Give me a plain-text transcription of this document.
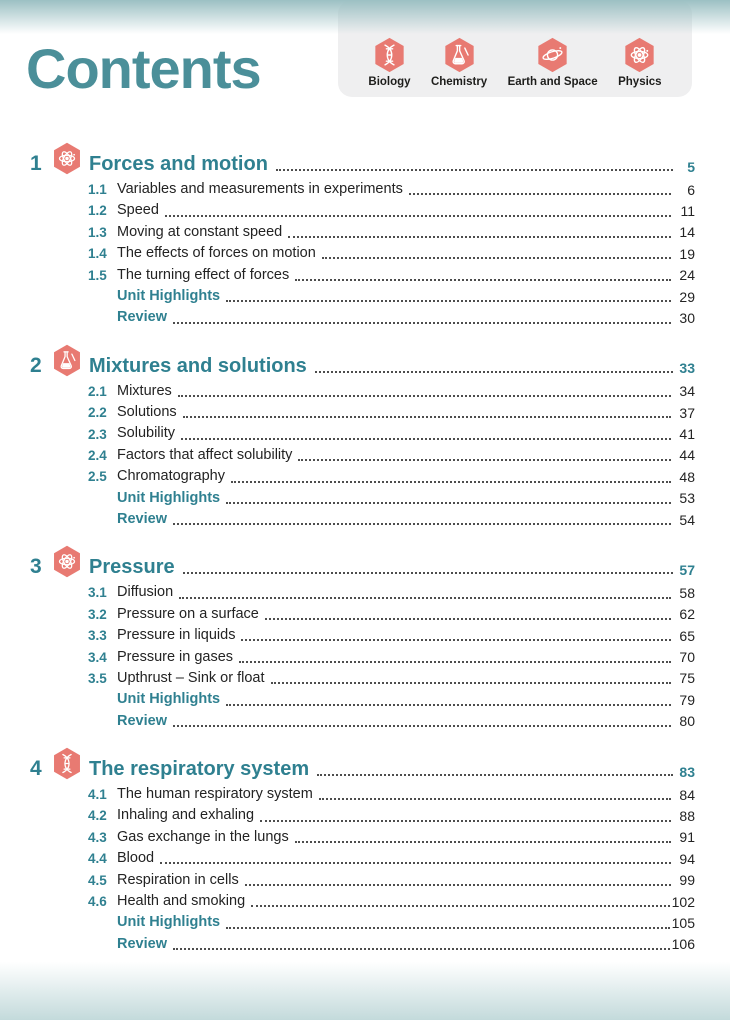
Contents	Biology Chemistry Earth and Space Physics
1	Forces and motion	5
1.1 Variables and measurements in experiments	6
1.2 Speed	11
1.3 Moving at constant speed	14
1.4 The effects of forces on motion	19
1.5 The turning effect of forces	24
Unit Highlights	29
Review	30
2	Mixtures and solutions	33
2.1 Mixtures	34
2.2 Solutions	37
2.3 Solubility	41
2.4 Factors that affect solubility	44
2.5 Chromatography	48
Unit Highlights	53
Review	54
3	Pressure	57
3.1 Diffusion	58
3.2 Pressure on a surface	62
3.3 Pressure in liquids	65
3.4 Pressure in gases	70
3.5 Upthrust – Sink or float	75
Unit Highlights	79
Review	80
4	The respiratory system	83
4.1 The human respiratory system	84
4.2 Inhaling and exhaling	88
4.3 Gas exchange in the lungs	91
4.4 Blood	94
4.5 Respiration in cells	99
4.6 Health and smoking	102
Unit Highlights	105
Review	106
